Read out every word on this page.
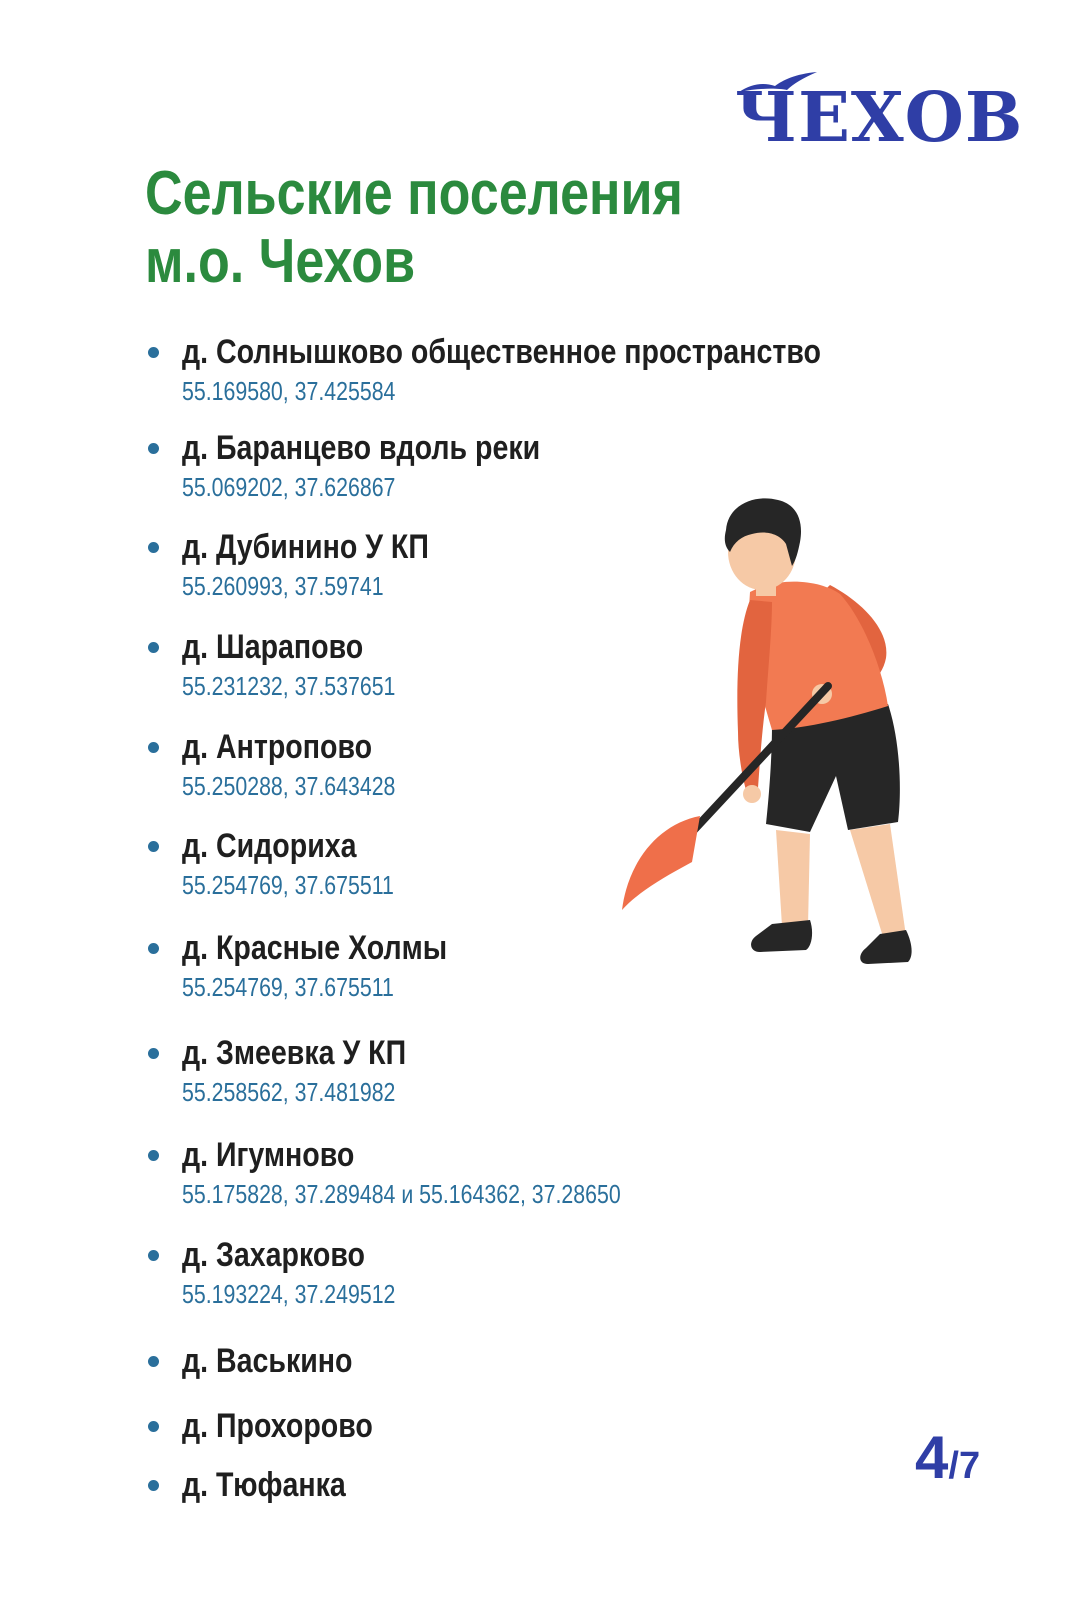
ЧЕХОВ
Сельские поселения
м.о. Чехов
д. Солнышково общественное пространство
55.169580, 37.425584
д. Баранцево вдоль реки
55.069202, 37.626867
д. Дубинино У КП
55.260993, 37.59741
д. Шарапово
55.231232, 37.537651
д. Антропово
55.250288, 37.643428
д. Сидориха
55.254769, 37.675511
д. Красные Холмы
55.254769, 37.675511
д. Змеевка У КП
55.258562, 37.481982
д. Игумново
55.175828, 37.289484 и 55.164362, 37.28650
д. Захарково
55.193224, 37.249512
д. Васькино
д. Прохорово
д. Тюфанка	4/7
